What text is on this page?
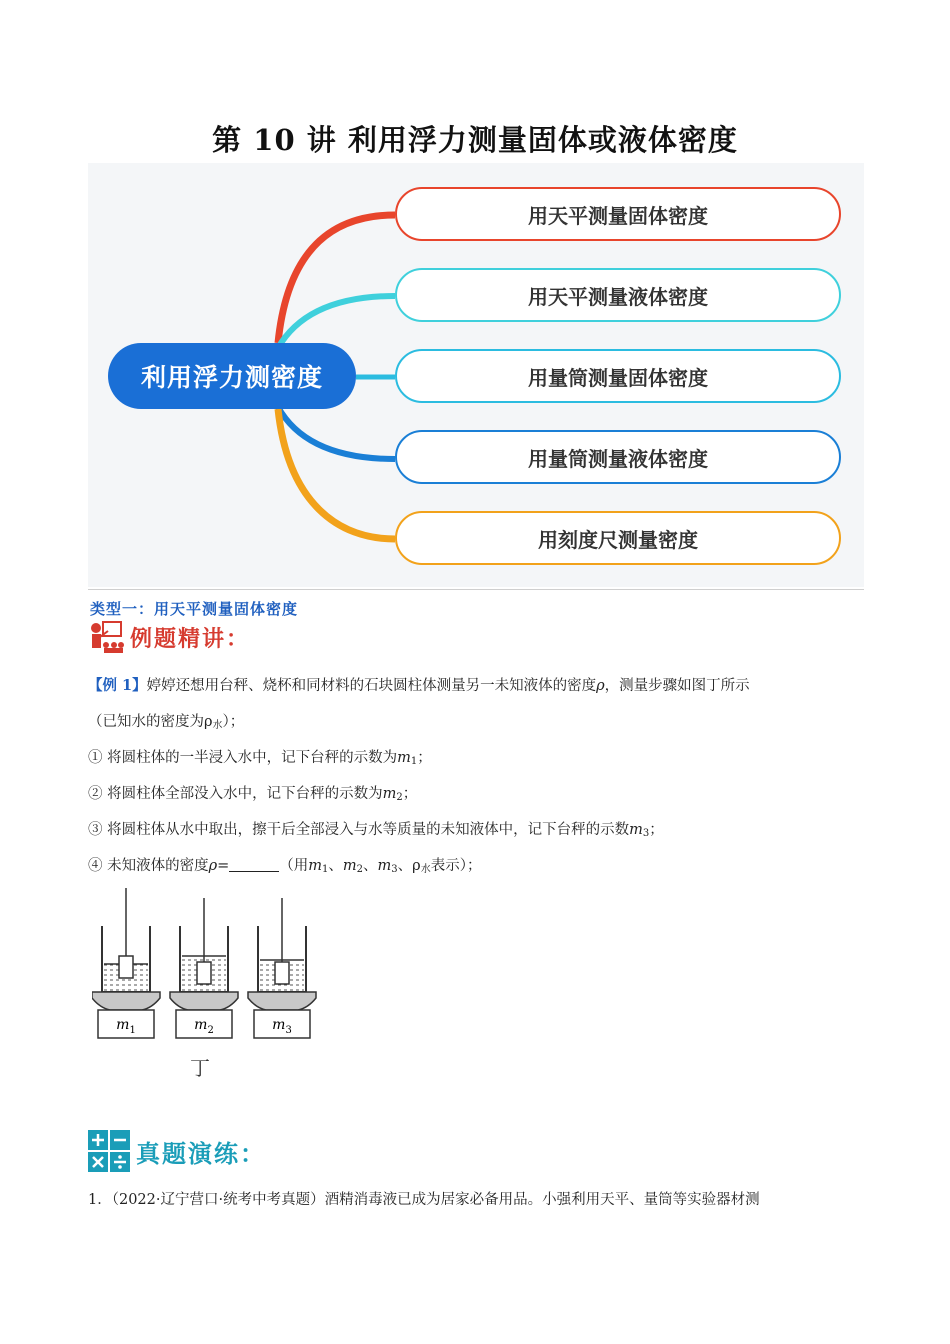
第 10 讲 利用浮力测量固体或液体密度
利用浮力测密度
用天平测量固体密度
用天平测量液体密度
用量筒测量固体密度
用量筒测量液体密度
用刻度尺测量密度
类型一：用天平测量固体密度
例题精讲：
【例 1】婷婷还想用台秤、烧杯和同材料的石块圆柱体测量另一未知液体的密度ρ，测量步骤如图丁所示
（已知水的密度为$\rho_水$）；
① 将圆柱体的一半浸入水中，记下台秤的示数为$m_1$；
② 将圆柱体全部没入水中，记下台秤的示数为$m_2$；
③ 将圆柱体从水中取出，擦干后全部浸入与水等质量的未知液体中，记下台秤的示数$m_3$；
④ 未知液体的密度ρ=	（用$m_1$、$m_2$、$m_3$、$\rho_水$表示）；
$m_1$	$m_2$	$m_3$
丁
真题演练：
1．（2022·辽宁营口·统考中考真题）酒精消毒液已成为居家必备用品。小强利用天平、量筒等实验器材测
